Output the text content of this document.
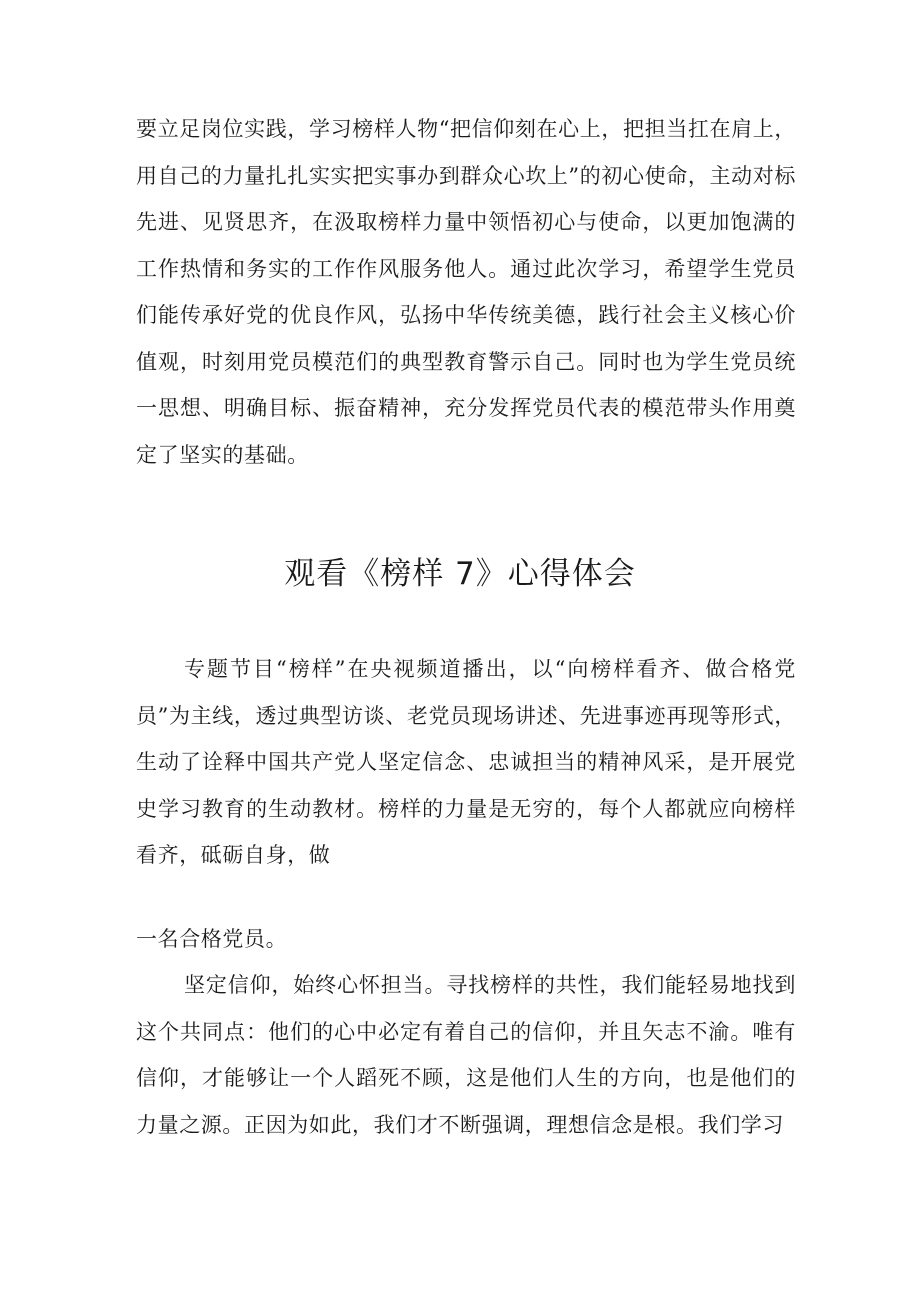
要立足岗位实践，学习榜样人物“把信仰刻在心上，把担当扛在肩上，用自己的力量扎扎实实把实事办到群众心坎上”的初心使命，主动对标先进、见贤思齐，在汲取榜样力量中领悟初心与使命，以更加饱满的工作热情和务实的工作作风服务他人。通过此次学习，希望学生党员们能传承好党的优良作风，弘扬中华传统美德，践行社会主义核心价值观，时刻用党员模范们的典型教育警示自己。同时也为学生党员统一思想、明确目标、振奋精神，充分发挥党员代表的模范带头作用奠定了坚实的基础。

观看《榜样 7》心得体会

专题节目“榜样”在央视频道播出，以“向榜样看齐、做合格党员”为主线，透过典型访谈、老党员现场讲述、先进事迹再现等形式，生动了诠释中国共产党人坚定信念、忠诚担当的精神风采，是开展党史学习教育的生动教材。榜样的力量是无穷的，每个人都就应向榜样看齐，砥砺自身，做

一名合格党员。

坚定信仰，始终心怀担当。寻找榜样的共性，我们能轻易地找到这个共同点：他们的心中必定有着自己的信仰，并且矢志不渝。唯有信仰，才能够让一个人蹈死不顾，这是他们人生的方向，也是他们的力量之源。正因为如此，我们才不断强调，理想信念是根。我们学习
